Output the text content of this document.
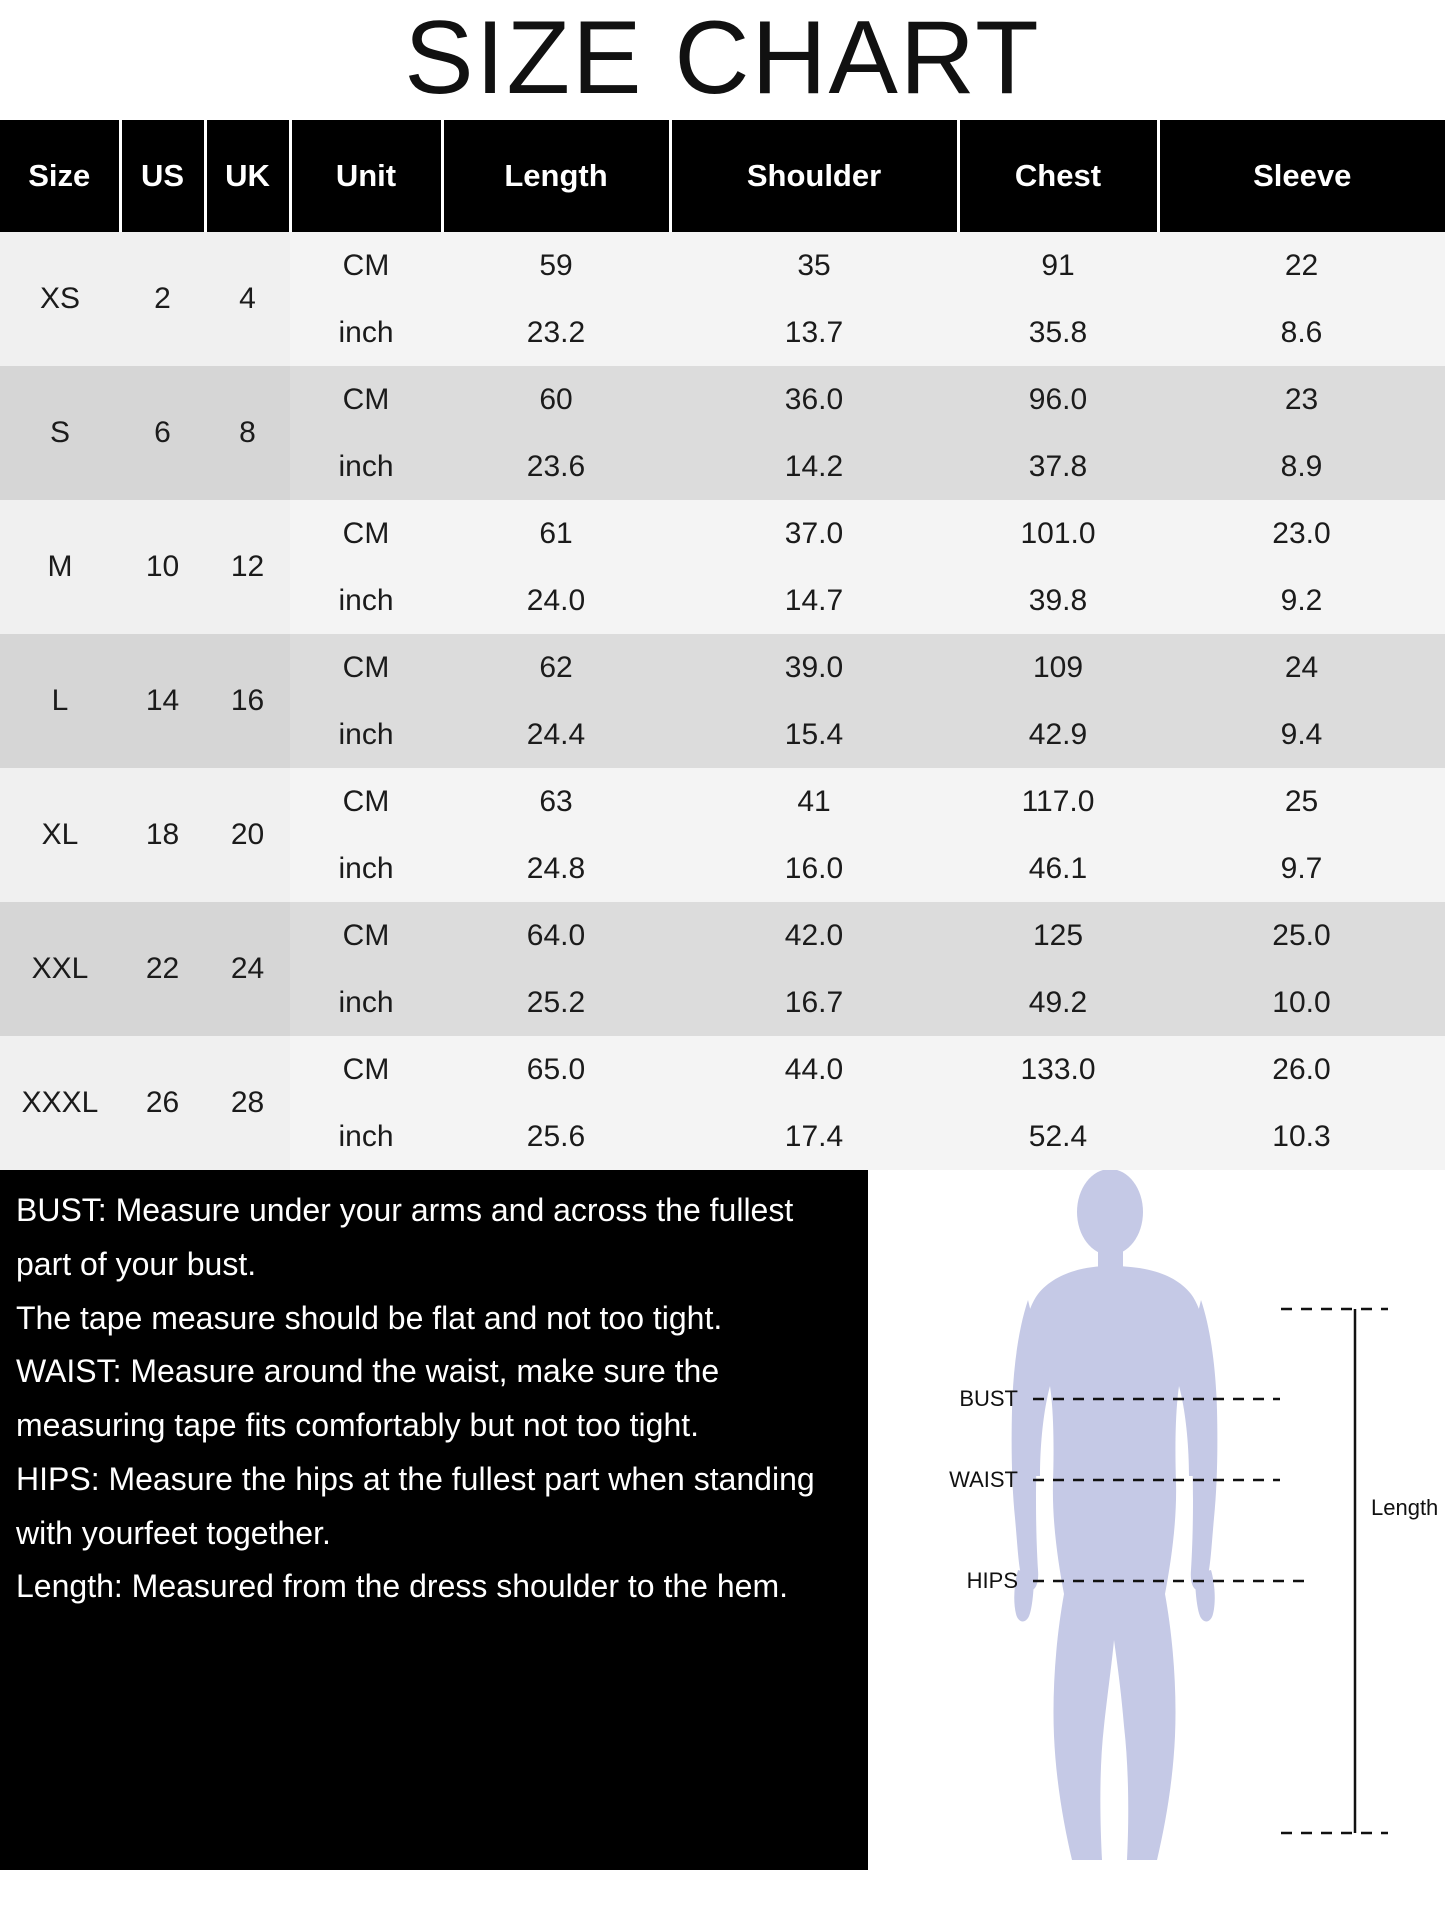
SIZE CHART
Size	US	UK	Unit	Length	Shoulder	Chest	Sleeve
XS	2	4	CM	59	35	91	22
			inch	23.2	13.7	35.8	8.6
S	6	8	CM	60	36.0	96.0	23
			inch	23.6	14.2	37.8	8.9
M	10	12	CM	61	37.0	101.0	23.0
			inch	24.0	14.7	39.8	9.2
L	14	16	CM	62	39.0	109	24
			inch	24.4	15.4	42.9	9.4
XL	18	20	CM	63	41	117.0	25
			inch	24.8	16.0	46.1	9.7
XXL	22	24	CM	64.0	42.0	125	25.0
			inch	25.2	16.7	49.2	10.0
XXXL	26	28	CM	65.0	44.0	133.0	26.0
			inch	25.6	17.4	52.4	10.3

BUST: Measure under your arms and across the fullest part of your bust.

The tape measure should be flat and not too tight.

WAIST: Measure around the waist, make sure the measuring tape fits comfortably but not too tight.

HIPS: Measure the hips at the fullest part when standing with yourfeet together.

Length: Measured from the dress shoulder to the hem.

Length
BUST
WAIST
HIPS
